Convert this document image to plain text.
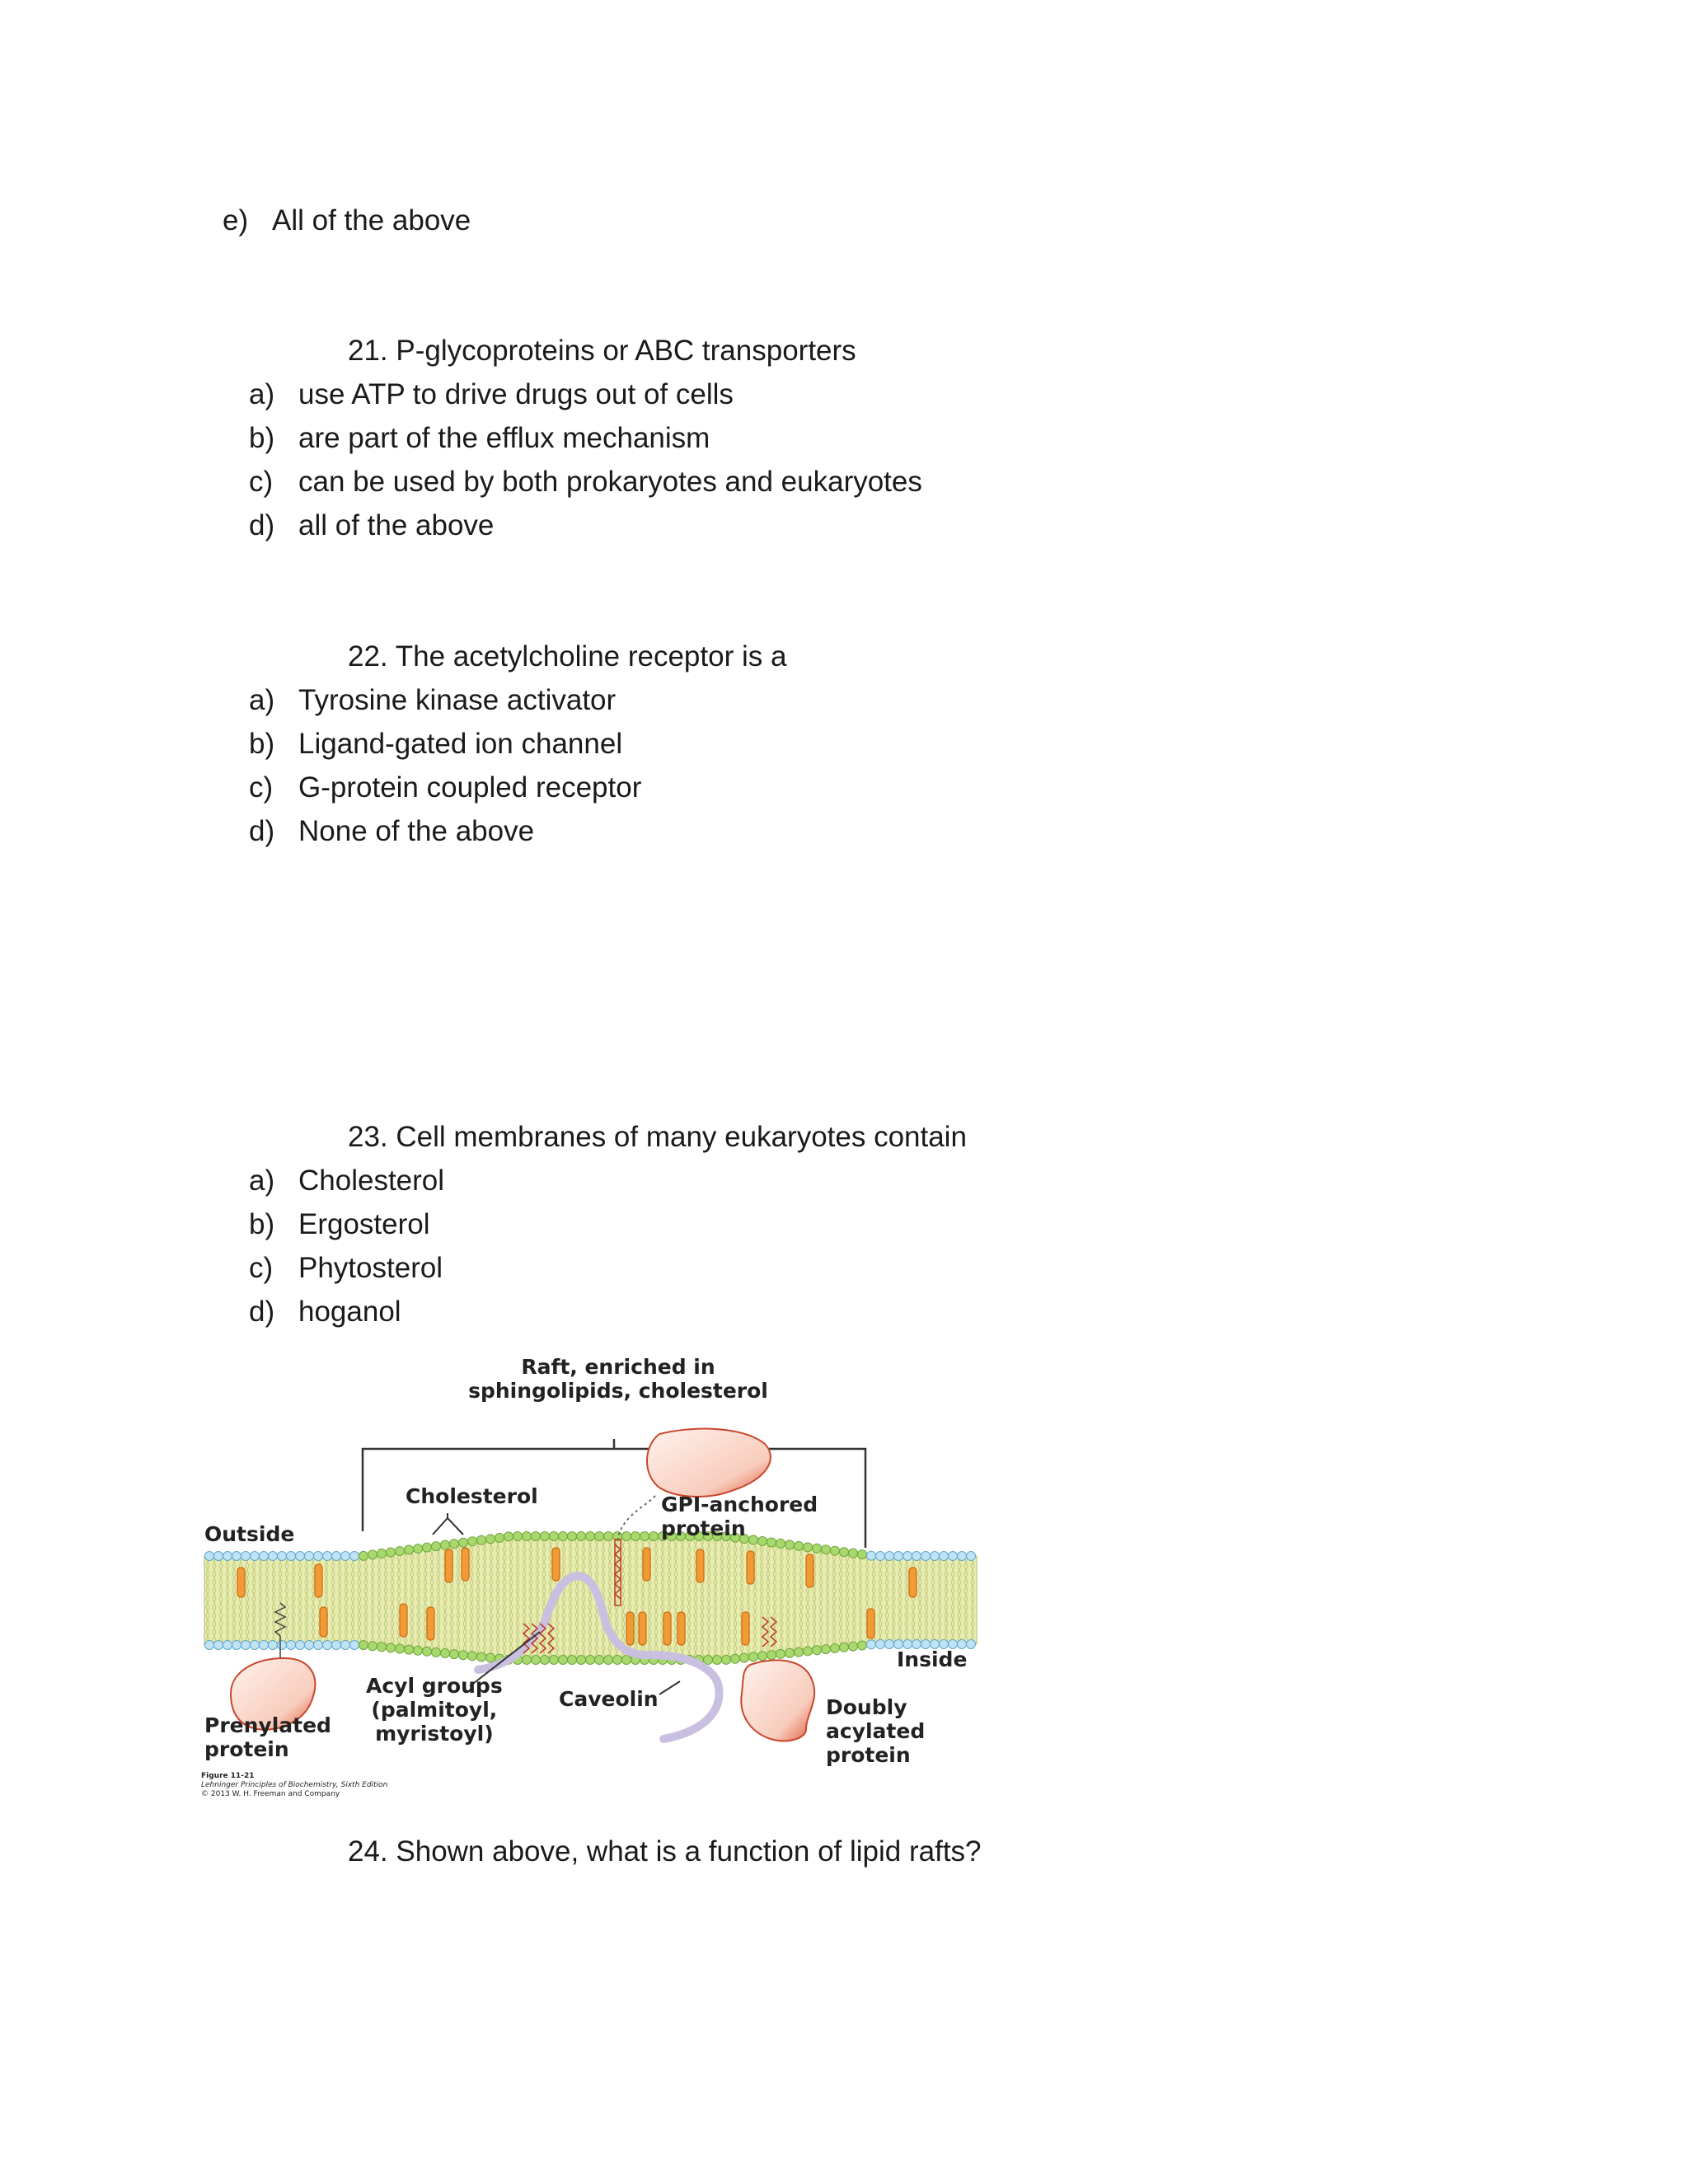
e) All of the above
21. P-glycoproteins or ABC transporters
a) use ATP to drive drugs out of cells
b) are part of the efflux mechanism
c) can be used by both prokaryotes and eukaryotes
d) all of the above
22. The acetylcholine receptor is a
a) Tyrosine kinase activator
b) Ligand-gated ion channel
c) G-protein coupled receptor
d) None of the above
23. Cell membranes of many eukaryotes contain
a) Cholesterol
b) Ergosterol
c) Phytosterol
d) hoganol
Raft, enriched in
sphingolipids, cholesterol
Cholesterol	GPI-anchored
protein
Outside
Inside
Acyl groups
(palmitoyl,
myristoyl)
Caveolin
Prenylated
protein
Doubly
acylated
protein
Figure 11-21
Lehninger Principles of Biochemistry, Sixth Edition
© 2013 W. H. Freeman and Company
24. Shown above, what is a function of lipid rafts?
